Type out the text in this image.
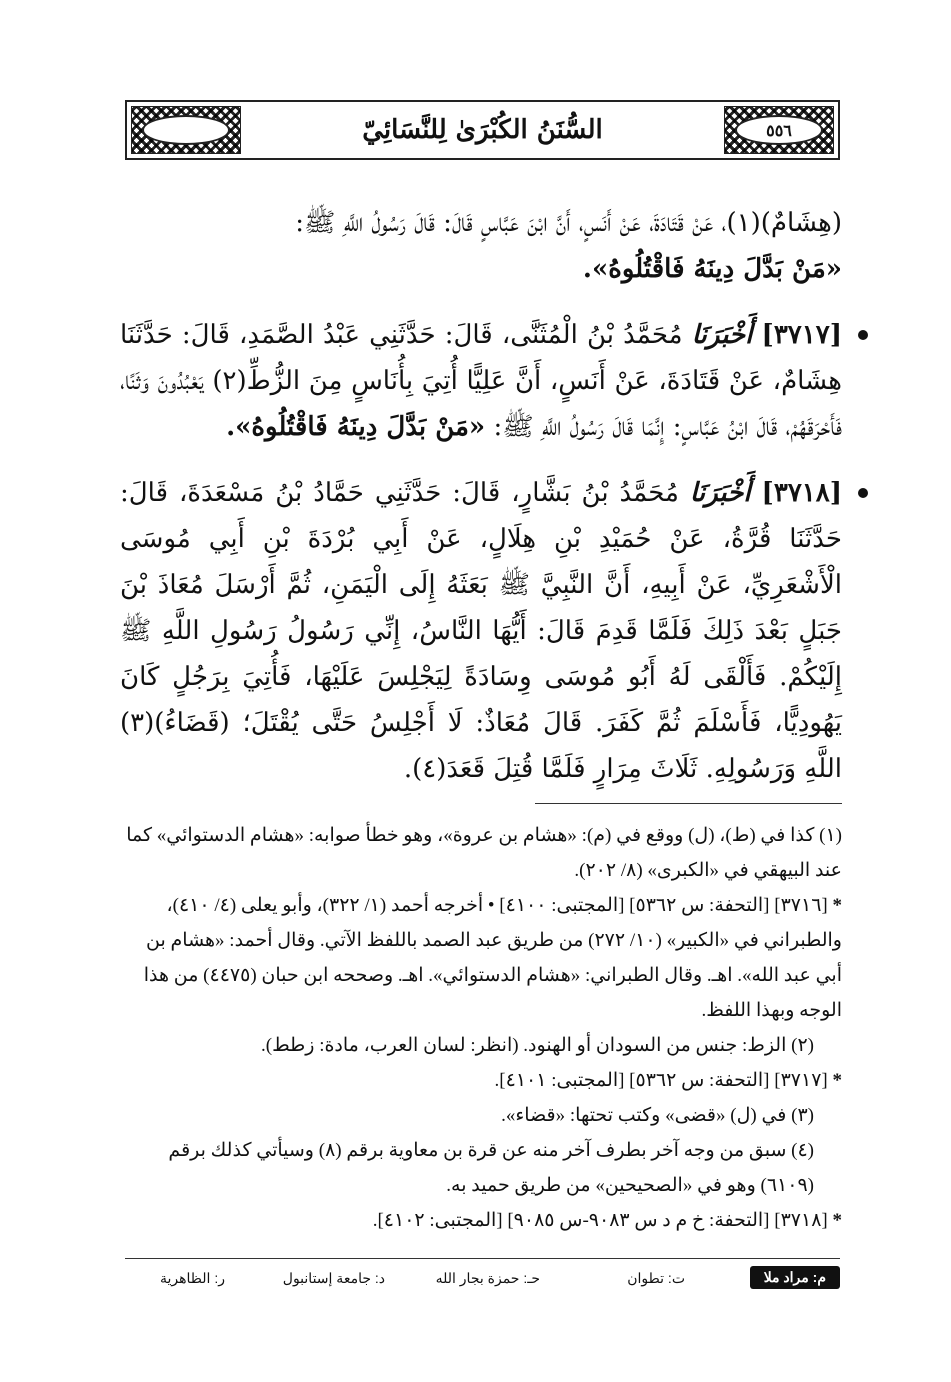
السُّنَنُ الكُبْرَىٰ لِلنَّسَائِيّ	٥٥٦

(هِشَامٌ)(١)، عَنْ قَتَادَةَ، عَنْ أَنَسٍ، أَنَّ ابْنَ عَبَّاسٍ قَالَ: قَالَ رَسُولُ اللَّهِ ﷺ:
«مَنْ بَدَّلَ دِينَهُ فَاقْتُلُوهُ».

[٣٧١٧] أَخْبَرَنَا مُحَمَّدُ بْنُ الْمُثَنَّى، قَالَ: حَدَّثَنِي عَبْدُ الصَّمَدِ، قَالَ: حَدَّثَنَا هِشَامٌ، عَنْ قَتَادَةَ، عَنْ أَنَسٍ، أَنَّ عَلِيًّا أُتِيَ بِأُنَاسٍ مِنَ الزُّطِّ(٢) يَعْبُدُونَ وَثَنًا، فَأَحْرَقَهُمْ، قَالَ ابْنُ عَبَّاسٍ: إِنَّمَا قَالَ رَسُولُ اللَّهِ ﷺ: «مَنْ بَدَّلَ دِينَهُ فَاقْتُلُوهُ».

[٣٧١٨] أَخْبَرَنَا مُحَمَّدُ بْنُ بَشَّارٍ، قَالَ: حَدَّثَنِي حَمَّادُ بْنُ مَسْعَدَةَ، قَالَ: حَدَّثَنَا قُرَّةُ، عَنْ حُمَيْدِ بْنِ هِلَالٍ، عَنْ أَبِي بُرْدَةَ بْنِ أَبِي مُوسَى الْأَشْعَرِيِّ، عَنْ أَبِيهِ، أَنَّ النَّبِيَّ ﷺ بَعَثَهُ إِلَى الْيَمَنِ، ثُمَّ أَرْسَلَ مُعَاذَ بْنَ جَبَلٍ بَعْدَ ذَلِكَ فَلَمَّا قَدِمَ قَالَ: أَيُّهَا النَّاسُ، إِنِّي رَسُولُ رَسُولِ اللَّهِ ﷺ إِلَيْكُمْ. فَأَلْقَى لَهُ أَبُو مُوسَى وِسَادَةً لِيَجْلِسَ عَلَيْهَا، فَأُتِيَ بِرَجُلٍ كَانَ يَهُودِيًّا، فَأَسْلَمَ ثُمَّ كَفَرَ. قَالَ مُعَاذٌ: لَا أَجْلِسُ حَتَّى يُقْتَلَ؛ (قَضَاءُ)(٣) اللَّهِ وَرَسُولِهِ. ثَلَاثَ مِرَارٍ فَلَمَّا قُتِلَ قَعَدَ(٤).

(١) كذا في (ط)، (ل) ووقع في (م): «هشام بن عروة»، وهو خطأ صوابه: «هشام الدستوائي» كما عند البيهقي في «الكبرى» (٨/ ٢٠٢).

* [٣٧١٦] [التحفة: س ٥٣٦٢] [المجتبى: ٤١٠٠] • أخرجه أحمد (١/ ٣٢٢)، وأبو يعلى (٤/ ٤١٠)، والطبراني في «الكبير» (١٠/ ٢٧٢) من طريق عبد الصمد باللفظ الآتي. وقال أحمد: «هشام بن أبي عبد الله». اهـ. وقال الطبراني: «هشام الدستوائي». اهـ. وصححه ابن حبان (٤٤٧٥) من هذا الوجه وبهذا اللفظ.

(٢) الزط: جنس من السودان أو الهنود. (انظر: لسان العرب، مادة: زطط).

* [٣٧١٧] [التحفة: س ٥٣٦٢] [المجتبى: ٤١٠١].

(٣) في (ل) «قضى» وكتب تحتها: «قضاء».

(٤) سبق من وجه آخر بطرف آخر منه عن قرة بن معاوية برقم (٨) وسيأتي كذلك برقم (٦١٠٩) وهو في «الصحيحين» من طريق حميد به.

* [٣٧١٨] [التحفة: خ م د س ٩٠٨٣-س ٩٠٨٥] [المجتبى: ٤١٠٢].

م: مراد ملا
ت: تطوان
حـ: حمزة بجار الله
د: جامعة إستانبول
ر: الظاهرية
